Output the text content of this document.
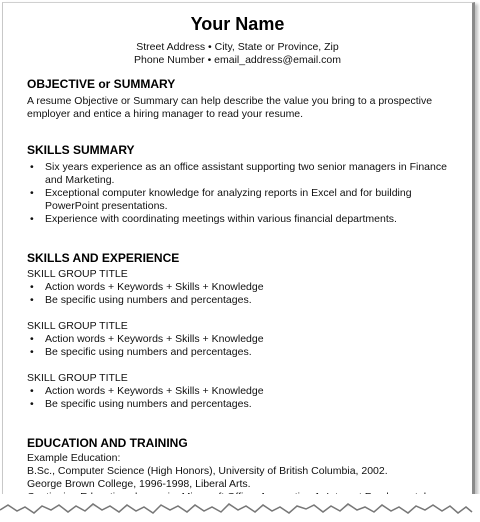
Your Name
Street Address • City, State or Province, Zip
Phone Number • email_address@email.com
OBJECTIVE or SUMMARY
A resume Objective or Summary can help describe the value you bring to a prospective employer and entice a hiring manager to read your resume.
SKILLS SUMMARY
• Six years experience as an office assistant supporting two senior managers in Finance and Marketing.
• Exceptional computer knowledge for analyzing reports in Excel and for building PowerPoint presentations.
• Experience with coordinating meetings within various financial departments.
SKILLS AND EXPERIENCE
SKILL GROUP TITLE
• Action words + Keywords + Skills + Knowledge
• Be specific using numbers and percentages.
SKILL GROUP TITLE
• Action words + Keywords + Skills + Knowledge
• Be specific using numbers and percentages.
SKILL GROUP TITLE
• Action words + Keywords + Skills + Knowledge
• Be specific using numbers and percentages.
EDUCATION AND TRAINING
Example Education:
B.Sc., Computer Science (High Honors), University of British Columbia, 2002.
George Brown College, 1996-1998, Liberal Arts.
